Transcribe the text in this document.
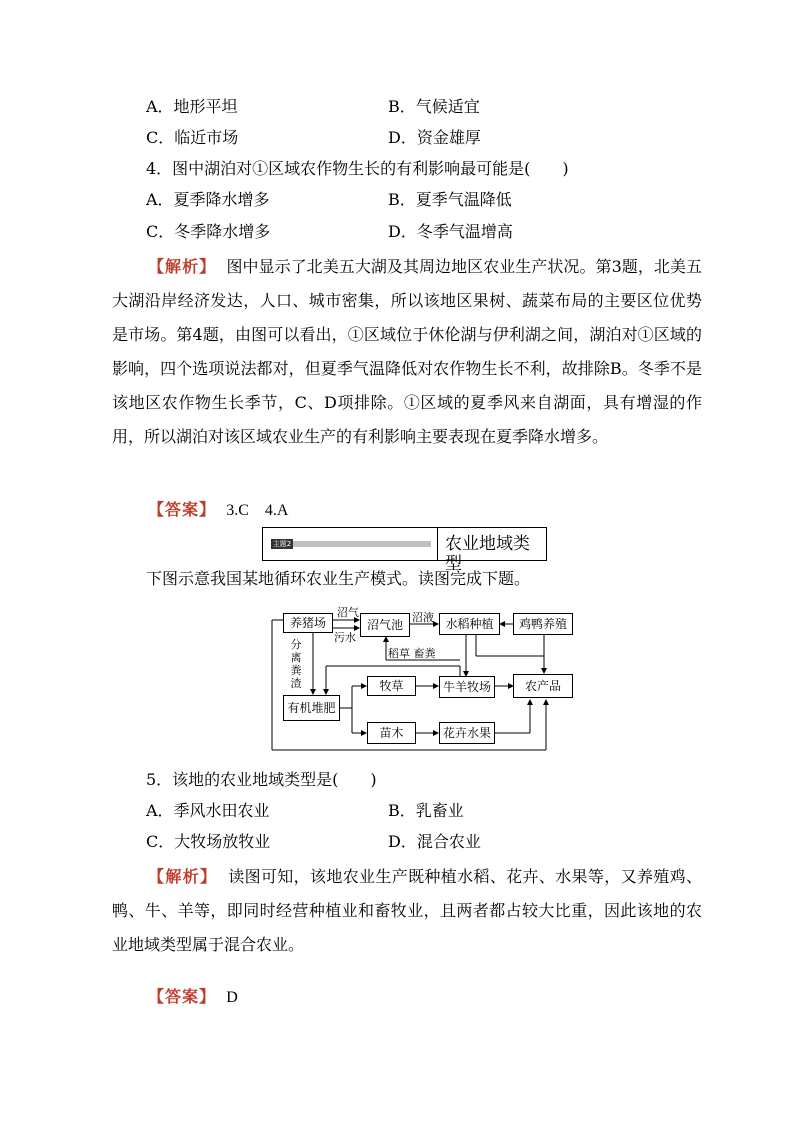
A．地形平坦	B．气候适宜
C．临近市场	D．资金雄厚
4．图中湖泊对①区域农作物生长的有利影响最可能是(　　)
A．夏季降水增多	B．夏季气温降低
C．冬季降水增多	D．冬季气温增高
【解析】 图中显示了北美五大湖及其周边地区农业生产状况。第3题，北美五大湖沿岸经济发达，人口、城市密集，所以该地区果树、蔬菜布局的主要区位优势是市场。第4题，由图可以看出，①区域位于休伦湖与伊利湖之间，湖泊对①区域的影响，四个选项说法都对，但夏季气温降低对农作物生长不利，故排除B。冬季不是该地区农作物生长季节，C、D项排除。①区域的夏季风来自湖面，具有增湿的作用，所以湖泊对该区域农业生产的有利影响主要表现在夏季降水增多。
【答案】 3.C　4.A
主题2	农业地域类型
下图示意我国某地循环农业生产模式。读图完成下题。
养猪场	沼气池	水稻种植	鸡鸭养殖
牧草	牛羊牧场	农产品
有机堆肥
苗木	花卉水果
沼气
污水
沼液
稻草 畜粪
分离粪渣
5．该地的农业地域类型是(　　)
A．季风水田农业	B．乳畜业
C．大牧场放牧业	D．混合农业
【解析】 读图可知，该地农业生产既种植水稻、花卉、水果等，又养殖鸡、鸭、牛、羊等，即同时经营种植业和畜牧业，且两者都占较大比重，因此该地的农业地域类型属于混合农业。
【答案】 D
